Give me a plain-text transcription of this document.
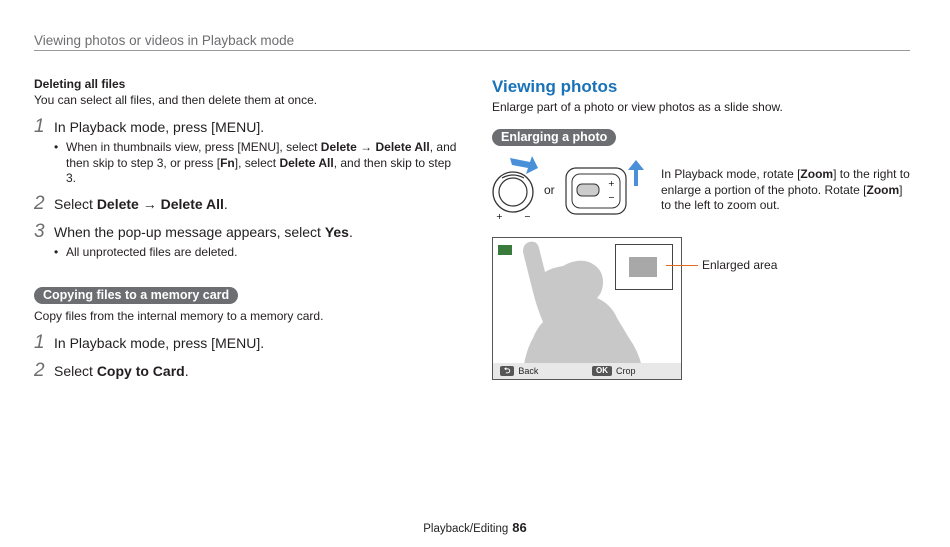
Viewing photos or videos in Playback mode
Deleting all files
You can select all files, and then delete them at once.
1 In Playback mode, press [MENU].
• When in thumbnails view, press [MENU], select Delete → Delete All, and then skip to step 3, or press [Fn], select Delete All, and then skip to step 3.
2 Select Delete → Delete All.
3 When the pop-up message appears, select Yes.
• All unprotected files are deleted.
Copying files to a memory card
Copy files from the internal memory to a memory card.
1 In Playback mode, press [MENU].
2 Select Copy to Card.
Viewing photos
Enlarge part of a photo or view photos as a slide show.
Enlarging a photo
+	−
or	+
−
In Playback mode, rotate [Zoom] to the right to enlarge a portion of the photo. Rotate [Zoom] to the left to zoom out.
⮌ Back	OK Crop
Enlarged area
Playback/Editing 86
